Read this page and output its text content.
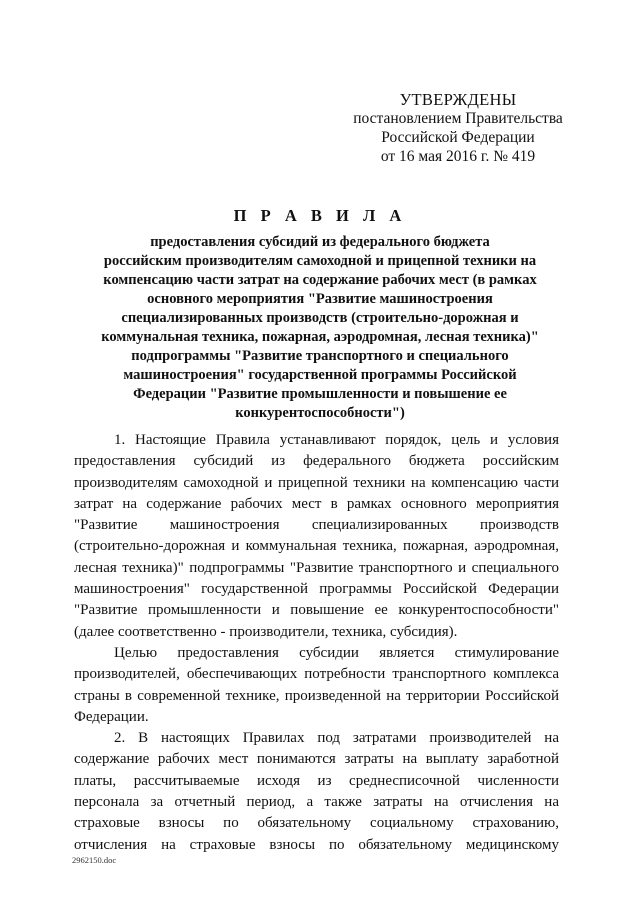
УТВЕРЖДЕНЫ
постановлением Правительства
Российской Федерации
от 16 мая 2016 г. № 419
П Р А В И Л А
предоставления субсидий из федерального бюджета
российским производителям самоходной и прицепной техники на
компенсацию части затрат на содержание рабочих мест (в рамках
основного мероприятия "Развитие машиностроения
специализированных производств (строительно-дорожная и
коммунальная техника, пожарная, аэродромная, лесная техника)"
подпрограммы "Развитие транспортного и специального
машиностроения" государственной программы Российской
Федерации "Развитие промышленности и повышение ее
конкурентоспособности")
1. Настоящие Правила устанавливают порядок, цель и условия
предоставления субсидий из федерального бюджета российским
производителям самоходной и прицепной техники на компенсацию части
затрат на содержание рабочих мест в рамках основного мероприятия
"Развитие машиностроения специализированных производств
(строительно-дорожная и коммунальная техника, пожарная, аэродромная,
лесная техника)" подпрограммы "Развитие транспортного и специального
машиностроения" государственной программы Российской Федерации
"Развитие промышленности и повышение ее конкурентоспособности"
(далее соответственно - производители, техника, субсидия).
Целью предоставления субсидии является стимулирование
производителей, обеспечивающих потребности транспортного комплекса
страны в современной технике, произведенной на территории Российской
Федерации.
2. В настоящих Правилах под затратами производителей на
содержание рабочих мест понимаются затраты на выплату заработной
платы, рассчитываемые исходя из среднесписочной численности
персонала за отчетный период, а также затраты на отчисления на
страховые взносы по обязательному социальному страхованию,
отчисления на страховые взносы по обязательному медицинскому
2962150.doc
